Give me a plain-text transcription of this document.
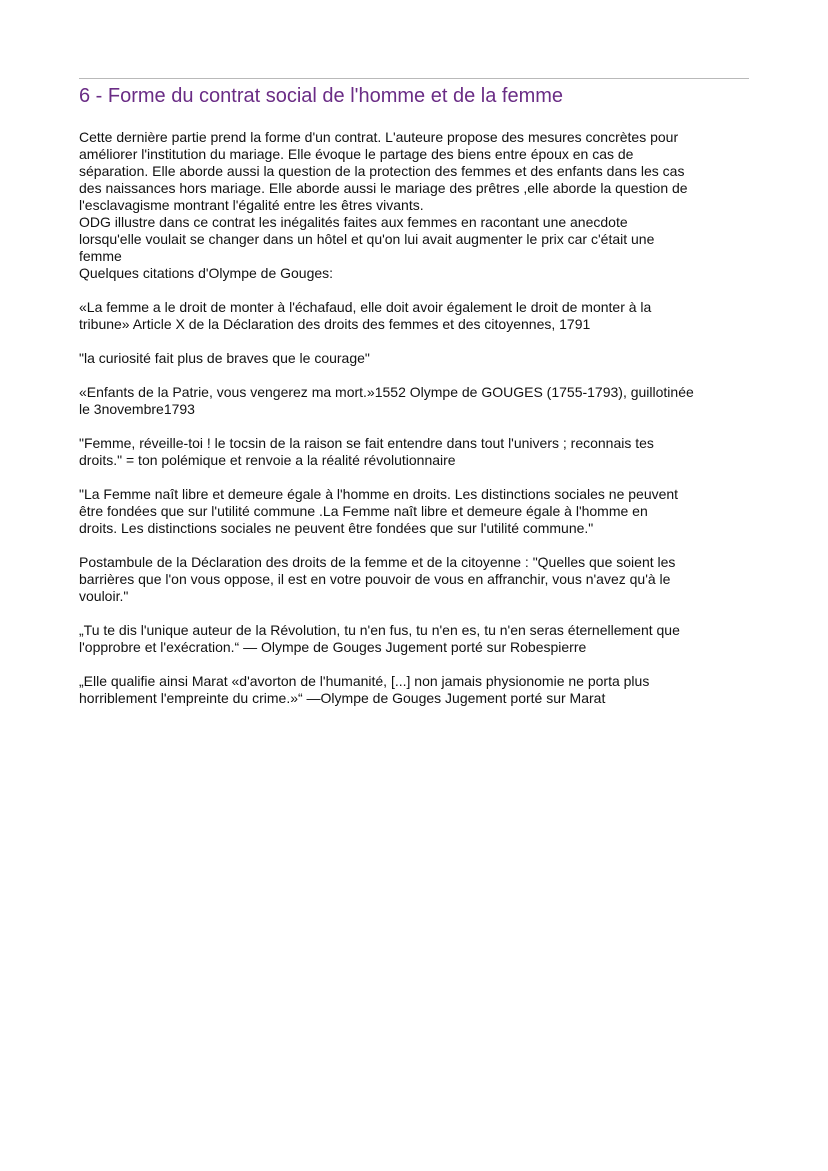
6 - Forme du contrat social de l'homme et de la femme

Cette dernière partie prend la forme d'un contrat. L'auteure propose des mesures concrètes pour
améliorer l'institution du mariage. Elle évoque le partage des biens entre époux en cas de
séparation. Elle aborde aussi la question de la protection des femmes et des enfants dans les cas
des naissances hors mariage. Elle aborde aussi le mariage des prêtres ,elle aborde la question de
l'esclavagisme montrant l'égalité entre les êtres vivants.
ODG illustre dans ce contrat les inégalités faites aux femmes en racontant une anecdote
lorsqu'elle voulait se changer dans un hôtel et qu'on lui avait augmenter le prix car c'était une
femme
Quelques citations d'Olympe de Gouges:

«La femme a le droit de monter à l'échafaud, elle doit avoir également le droit de monter à la
tribune» Article X de la Déclaration des droits des femmes et des citoyennes, 1791

"la curiosité fait plus de braves que le courage"

«Enfants de la Patrie, vous vengerez ma mort.»1552 Olympe de GOUGES (1755-1793), guillotinée
le 3novembre1793

"Femme, réveille-toi ! le tocsin de la raison se fait entendre dans tout l'univers ; reconnais tes
droits." = ton polémique et renvoie a la réalité révolutionnaire

"La Femme naît libre et demeure égale à l'homme en droits. Les distinctions sociales ne peuvent
être fondées que sur l'utilité commune .La Femme naît libre et demeure égale à l'homme en
droits. Les distinctions sociales ne peuvent être fondées que sur l'utilité commune."

Postambule de la Déclaration des droits de la femme et de la citoyenne : "Quelles que soient les
barrières que l'on vous oppose, il est en votre pouvoir de vous en affranchir, vous n'avez qu'à le
vouloir."

„Tu te dis l'unique auteur de la Révolution, tu n'en fus, tu n'en es, tu n'en seras éternellement que
l'opprobre et l'exécration.“ — Olympe de Gouges Jugement porté sur Robespierre

„Elle qualifie ainsi Marat «d'avorton de l'humanité, [...] non jamais physionomie ne porta plus
horriblement l'empreinte du crime.»“ —Olympe de Gouges Jugement porté sur Marat
